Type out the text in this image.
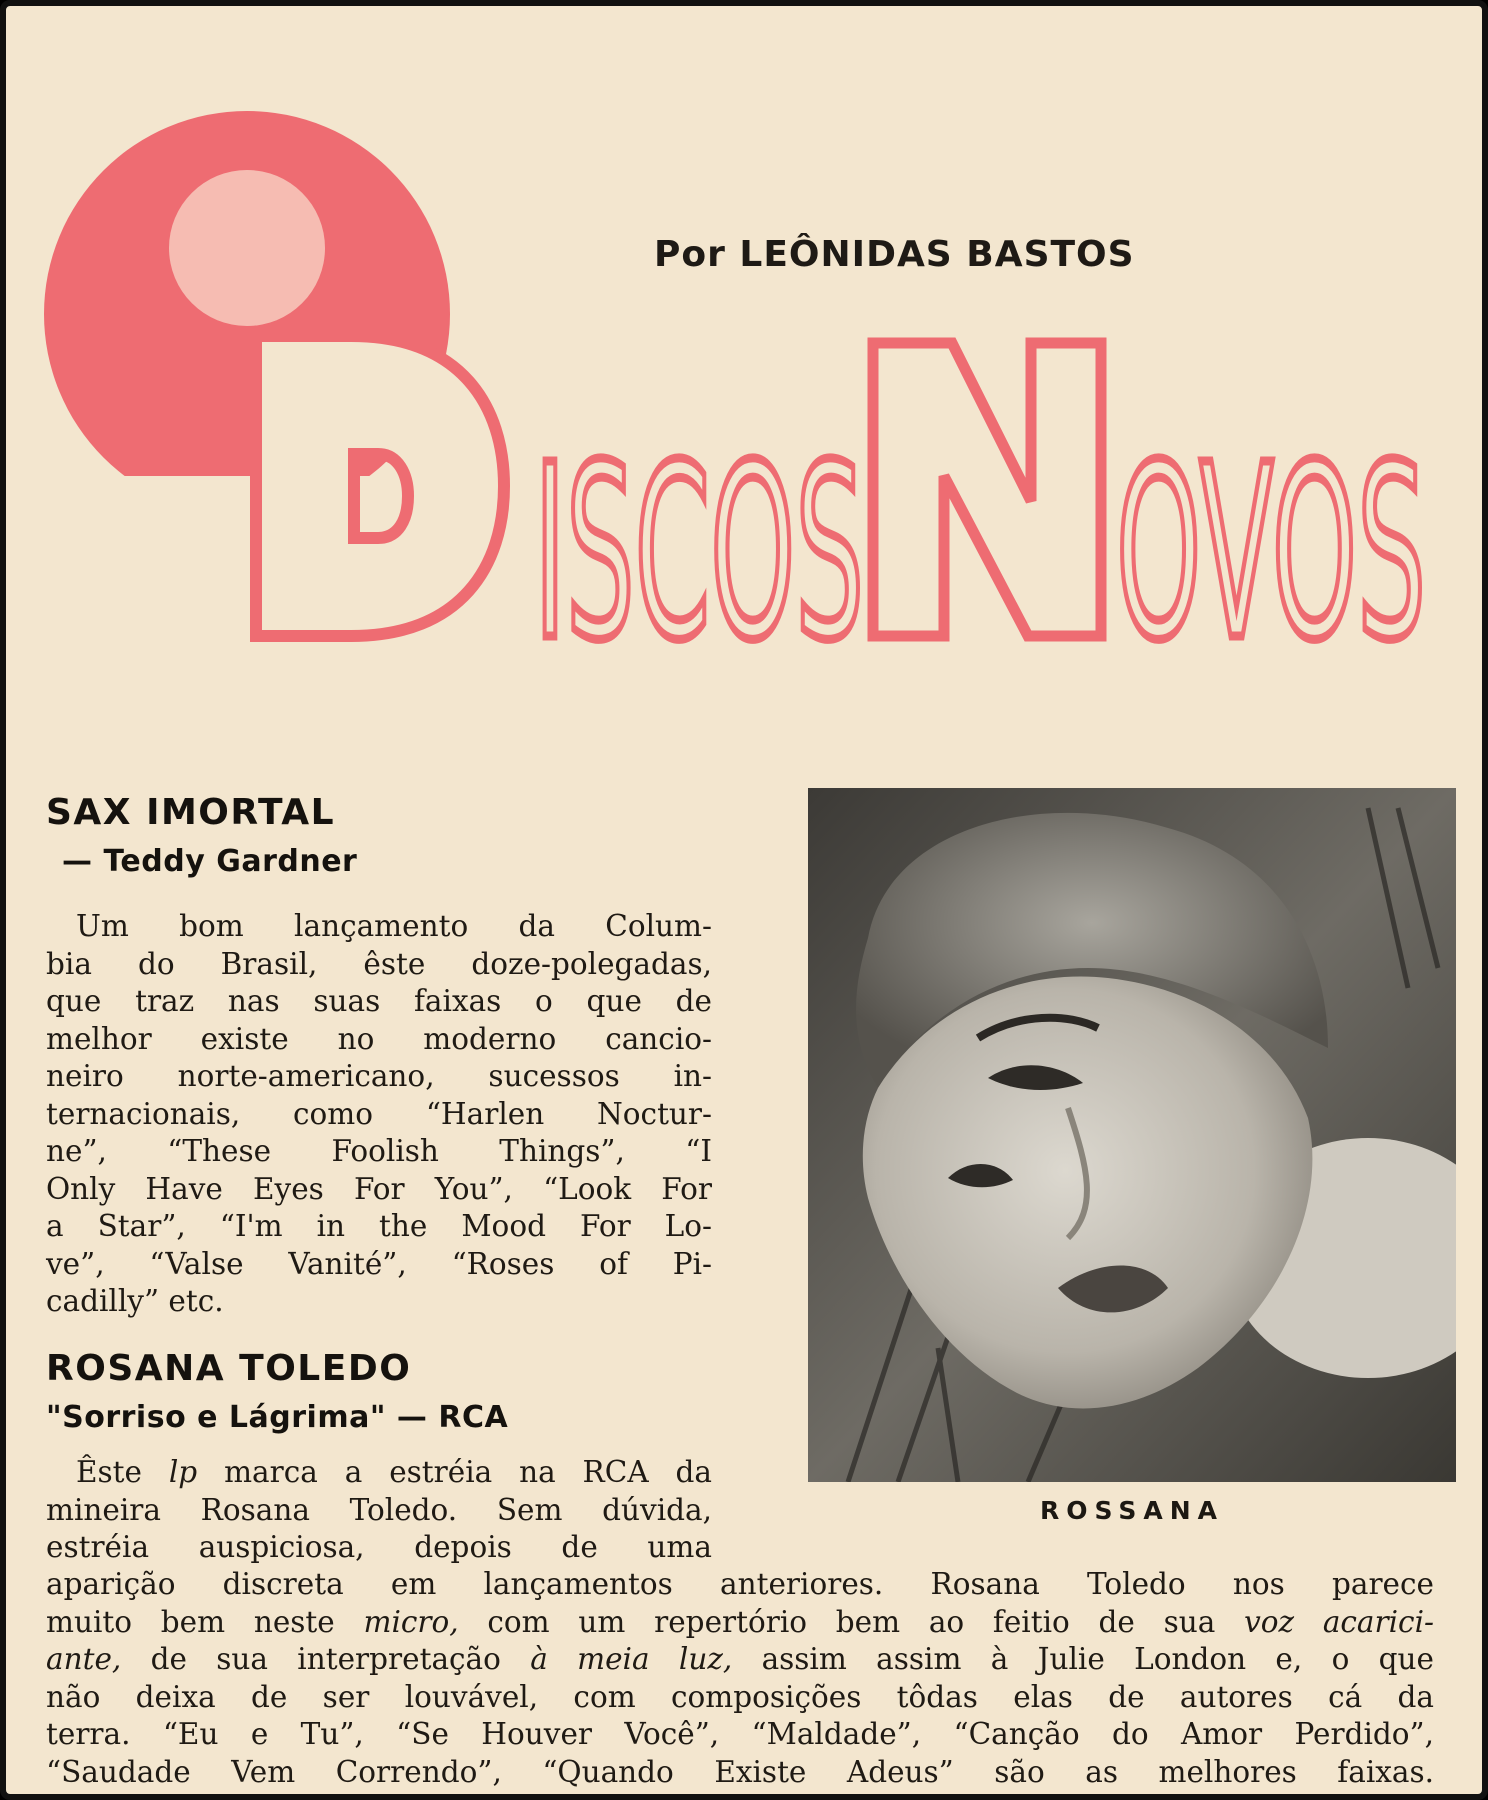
ISCOS OVOS
Por LEÔNIDAS BASTOS
SAX IMORTAL
— Teddy Gardner
Um bom lançamento da Colum-
bia do Brasil, êste doze-polegadas,
que traz nas suas faixas o que de
melhor existe no moderno cancio-
neiro norte-americano, sucessos in-
ternacionais, como “Harlen Noctur-
ne”, “These Foolish Things”, “I
Only Have Eyes For You”, “Look For
a Star”, “I'm in the Mood For Lo-
ve”, “Valse Vanité”, “Roses of Pi-
cadilly” etc.
ROSANA TOLEDO
"Sorriso e Lágrima" — RCA
Êste lp marca a estréia na RCA da
mineira Rosana Toledo. Sem dúvida,
estréia auspiciosa, depois de uma
aparição discreta em lançamentos anteriores. Rosana Toledo nos parece
muito bem neste micro, com um repertório bem ao feitio de sua voz acarici-
ante, de sua interpretação à meia luz, assim assim à Julie London e, o que
não deixa de ser louvável, com composições tôdas elas de autores cá da
terra. “Eu e Tu”, “Se Houver Você”, “Maldade”, “Canção do Amor Perdido”,
“Saudade Vem Correndo”, “Quando Existe Adeus” são as melhores faixas.
ROSSANA
